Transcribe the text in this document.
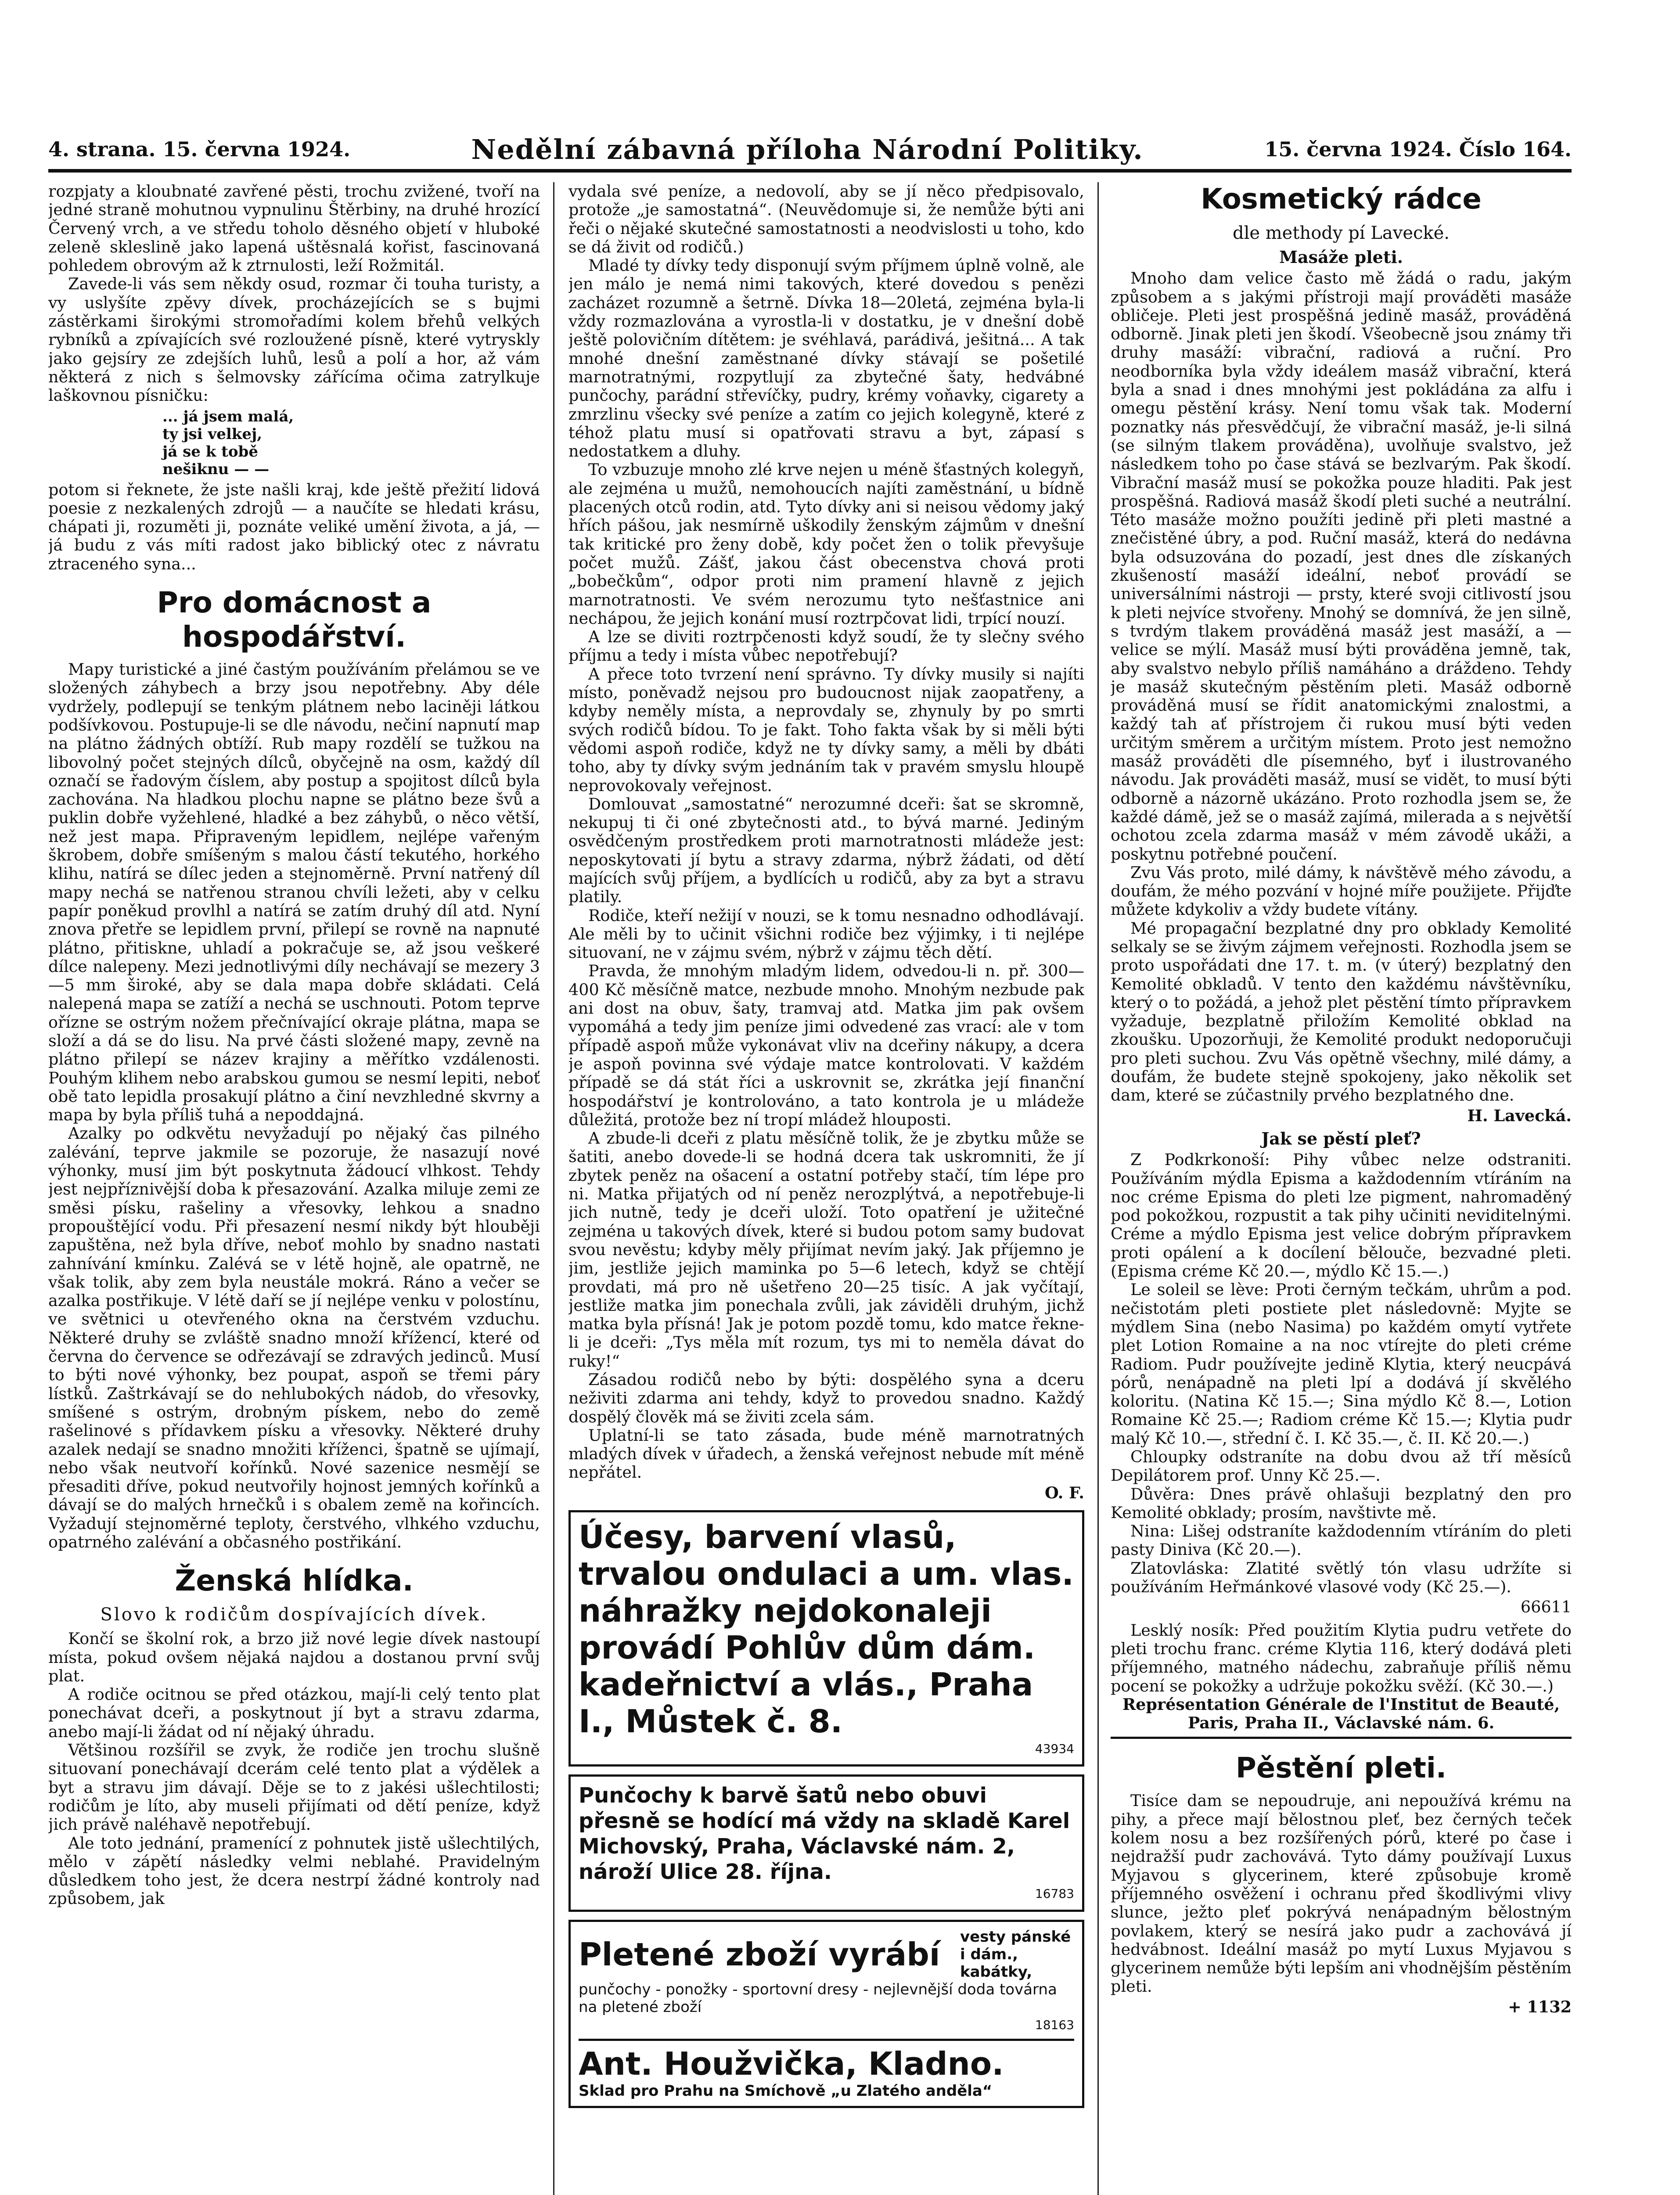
4. strana. 15. června 1924.	Nedělní zábavná příloha Národní Politiky.	15. června 1924. Číslo 164.

rozpjaty a kloubnaté zavřené pěsti, trochu zvižené, tvoří na jedné straně mohutnou vypnulinu Štěrbiny, na druhé hrozící Červený vrch, a ve středu toholo děsného objetí v hluboké zeleně skleslině jako lapená uštěsnalá kořist, fascinovaná pohledem obrovým až k ztrnulosti, leží Rožmitál.

Zavede-li vás sem někdy osud, rozmar či touha turisty, a vy uslyšíte zpěvy dívek, procházejících se s bujmi zástěrkami širokými stromořadími kolem břehů velkých rybníků a zpívajících své rozloužené písně, které vytryskly jako gejsíry ze zdejších luhů, lesů a polí a hor, až vám některá z nich s šelmovsky zářícíma očima zatrylkuje laškovnou písničku:

... já jsem malá,
ty jsi velkej,
já se k tobě
nešiknu — —

potom si řeknete, že jste našli kraj, kde ještě přežití lidová poesie z nezkalených zdrojů — a naučíte se hledati krásu, chápati ji, rozuměti ji, poznáte veliké umění života, a já, — já budu z vás míti radost jako biblický otec z návratu ztraceného syna...

Pro domácnost a hospodářství.

Mapy turistické a jiné častým používáním přelámou se ve složených záhybech a brzy jsou nepotřebny. Aby déle vydržely, podlepují se tenkým plátnem nebo laciněji látkou podšívkovou. Postupuje-li se dle návodu, nečiní napnutí map na plátno žádných obtíží. Rub mapy rozdělí se tužkou na libovolný počet stejných dílců, obyčejně na osm, každý díl označí se řadovým číslem, aby postup a spojitost dílců byla zachována. Na hladkou plochu napne se plátno beze švů a puklin dobře vyžehlené, hladké a bez záhybů, o něco větší, než jest mapa. Připraveným lepidlem, nejlépe vařeným škrobem, dobře smíšeným s malou částí tekutého, horkého klihu, natírá se dílec jeden a stejnoměrně. První natřený díl mapy nechá se natřenou stranou chvíli ležeti, aby v celku papír poněkud provlhl a natírá se zatím druhý díl atd. Nyní znova přetře se lepidlem první, přilepí se rovně na napnuté plátno, přitiskne, uhladí a pokračuje se, až jsou veškeré dílce nalepeny. Mezi jednotlivými díly nechávají se mezery 3—5 mm široké, aby se dala mapa dobře skládati. Celá nalepená mapa se zatíží a nechá se uschnouti. Potom teprve ořízne se ostrým nožem přečnívající okraje plátna, mapa se složí a dá se do lisu. Na prvé části složené mapy, zevně na plátno přilepí se název krajiny a měřítko vzdálenosti. Pouhým klihem nebo arabskou gumou se nesmí lepiti, neboť obě tato lepidla prosakují plátno a činí nevzhledné skvrny a mapa by byla příliš tuhá a nepoddajná.

Azalky po odkvětu nevyžadují po nějaký čas pilného zalévání, teprve jakmile se pozoruje, že nasazují nové výhonky, musí jim být poskytnuta žádoucí vlhkost. Tehdy jest nejpříznivější doba k přesazování. Azalka miluje zemi ze směsi písku, rašeliny a vřesovky, lehkou a snadno propouštějící vodu. Při přesazení nesmí nikdy být hlouběji zapuštěna, než byla dříve, neboť mohlo by snadno nastati zahnívání kmínku. Zalévá se v létě hojně, ale opatrně, ne však tolik, aby zem byla neustále mokrá. Ráno a večer se azalka postřikuje. V létě daří se jí nejlépe venku v polostínu, ve světnici u otevřeného okna na čerstvém vzduchu. Některé druhy se zvláště snadno množí křížencí, které od června do července se odřezávají se zdravých jedinců. Musí to býti nové výhonky, bez poupat, aspoň se třemi páry lístků. Zaštrkávají se do nehlubokých nádob, do vřesovky, smíšené s ostrým, drobným pískem, nebo do země rašelinové s přídavkem písku a vřesovky. Některé druhy azalek nedají se snadno množiti kříženci, špatně se ujímají, nebo však neutvoří kořínků. Nové sazenice nesmějí se přesaditi dříve, pokud neutvořily hojnost jemných kořínků a dávají se do malých hrnečků i s obalem země na kořincích. Vyžadují stejnoměrné teploty, čerstvého, vlhkého vzduchu, opatrného zalévání a občasného postřikání.

Ženská hlídka.
Slovo k rodičům dospívajících dívek.

Končí se školní rok, a brzo již nové legie dívek nastoupí místa, pokud ovšem nějaká najdou a dostanou první svůj plat.

A rodiče ocitnou se před otázkou, mají-li celý tento plat ponechávat dceři, a poskytnout jí byt a stravu zdarma, anebo mají-li žádat od ní nějaký úhradu.

Většinou rozšířil se zvyk, že rodiče jen trochu slušně situovaní ponechávají dcerám celé tento plat a výdělek a byt a stravu jim dávají. Děje se to z jakési ušlechtilosti; rodičům je líto, aby museli přijímati od dětí peníze, když jich právě naléhavě nepotřebují.

Ale toto jednání, pramenící z pohnutek jistě ušlechtilých, mělo v zápětí následky velmi neblahé. Pravidelným důsledkem toho jest, že dcera nestrpí žádné kontroly nad způsobem, jak

vydala své peníze, a nedovolí, aby se jí něco předpisovalo, protože „je samostatná“. (Neuvědomuje si, že nemůže býti ani řeči o nějaké skutečné samostatnosti a neodvislosti u toho, kdo se dá živit od rodičů.)

Mladé ty dívky tedy disponují svým příjmem úplně volně, ale jen málo je nemá nimi takových, které dovedou s penězi zacházet rozumně a šetrně. Dívka 18—20letá, zejména byla-li vždy rozmazlována a vyrostla-li v dostatku, je v dnešní době ještě polovičním dítětem: je svéhlavá, parádivá, ješitná... A tak mnohé dnešní zaměstnané dívky stávají se pošetilé marnotratnými, rozpytlují za zbytečné šaty, hedvábné punčochy, parádní střevíčky, pudry, krémy voňavky, cigarety a zmrzlinu všecky své peníze a zatím co jejich kolegyně, které z téhož platu musí si opatřovati stravu a byt, zápasí s nedostatkem a dluhy.

To vzbuzuje mnoho zlé krve nejen u méně šťastných kolegyň, ale zejména u mužů, nemohoucích najíti zaměstnání, u bídně placených otců rodin, atd. Tyto dívky ani si neisou vědomy jaký hřích pášou, jak nesmírně uškodily ženským zájmům v dnešní tak kritické pro ženy době, kdy počet žen o tolik převyšuje počet mužů. Zášť, jakou část obecenstva chová proti „bobečkům“, odpor proti nim pramení hlavně z jejich marnotratnosti. Ve svém nerozumu tyto nešťastnice ani nechápou, že jejich konání musí roztrpčovat lidi, trpící nouzí.

A lze se diviti roztrpčenosti když soudí, že ty slečny svého příjmu a tedy i místa vůbec nepotřebují?

A přece toto tvrzení není správno. Ty dívky musily si najíti místo, poněvadž nejsou pro budoucnost nijak zaopatřeny, a kdyby neměly místa, a neprovdaly se, zhynuly by po smrti svých rodičů bídou. To je fakt. Toho fakta však by si měli býti vědomi aspoň rodiče, když ne ty dívky samy, a měli by dbáti toho, aby ty dívky svým jednáním tak v pravém smyslu hloupě neprovokovaly veřejnost.

Domlouvat „samostatné“ nerozumné dceři: šat se skromně, nekupuj ti či oné zbytečnosti atd., to bývá marné. Jediným osvědčeným prostředkem proti marnotratnosti mládeže jest: neposkytovati jí bytu a stravy zdarma, nýbrž žádati, od dětí majících svůj příjem, a bydlících u rodičů, aby za byt a stravu platily.

Rodiče, kteří nežijí v nouzi, se k tomu nesnadno odhodlávají. Ale měli by to učinit všichni rodiče bez výjimky, i ti nejlépe situovaní, ne v zájmu svém, nýbrž v zájmu těch dětí.

Pravda, že mnohým mladým lidem, odvedou-li n. př. 300—400 Kč měsíčně matce, nezbude mnoho. Mnohým nezbude pak ani dost na obuv, šaty, tramvaj atd. Matka jim pak ovšem vypomáhá a tedy jim peníze jimi odvedené zas vrací: ale v tom případě aspoň může vykonávat vliv na dceřiny nákupy, a dcera je aspoň povinna své výdaje matce kontrolovati. V každém případě se dá stát říci a uskrovnit se, zkrátka její finanční hospodářství je kontrolováno, a tato kontrola je u mládeže důležitá, protože bez ní tropí mládež hlouposti.

A zbude-li dceři z platu měsíčně tolik, že je zbytku může se šatiti, anebo dovede-li se hodná dcera tak uskromniti, že jí zbytek peněz na ošacení a ostatní potřeby stačí, tím lépe pro ni. Matka přijatých od ní peněz nerozplýtvá, a nepotřebuje-li jich nutně, tedy je dceři uloží. Toto opatření je užitečné zejména u takových dívek, které si budou potom samy budovat svou nevěstu; kdyby měly přijímat nevím jaký. Jak příjemno je jim, jestliže jejich maminka po 5—6 letech, když se chtějí provdati, má pro ně ušetřeno 20—25 tisíc. A jak vyčítají, jestliže matka jim ponechala zvůli, jak záviděli druhým, jichž matka byla přísná! Jak je potom pozdě tomu, kdo matce řekne-li je dceři: „Tys měla mít rozum, tys mi to neměla dávat do ruky!“

Zásadou rodičů nebo by býti: dospělého syna a dceru neživiti zdarma ani tehdy, když to provedou snadno. Každý dospělý člověk má se živiti zcela sám.

Uplatní-li se tato zásada, bude méně marnotratných mladých dívek v úřadech, a ženská veřejnost nebude mít méně nepřátel.

O. F.
Účesy, barvení vlasů, trvalou ondulaci a um. vlas. náhražky nejdokonaleji provádí Pohlův dům dám. kadeřnictví a vlás., Praha I., Můstek č. 8.
43934
Punčochy k barvě šatů nebo obuvi přesně se hodící má vždy na skladě Karel Michovský, Praha, Václavské nám. 2, nároží Ulice 28. října.
16783
Pletené zboží vyrábí vesty pánské i dám., kabátky,
punčochy - ponožky - sportovní dresy - nejlevnější doda továrna na pletené zboží
18163
Ant. Houžvička, Kladno.
Sklad pro Prahu na Smíchově „u Zlatého anděla“
Kosmetický rádce
dle methody pí Lavecké.
Masáže pleti.

Mnoho dam velice často mě žádá o radu, jakým způsobem a s jakými přístroji mají prováděti masáže obličeje. Pleti jest prospěšná jedině masáž, prováděná odborně. Jinak pleti jen škodí. Všeobecně jsou známy tři druhy masáží: vibrační, radiová a ruční. Pro neodborníka byla vždy ideálem masáž vibrační, která byla a snad i dnes mnohými jest pokládána za alfu i omegu pěstění krásy. Není tomu však tak. Moderní poznatky nás přesvědčují, že vibrační masáž, je-li silná (se silným tlakem prováděna), uvolňuje svalstvo, jež následkem toho po čase stává se bezlvarým. Pak škodí. Vibrační masáž musí se pokožka pouze hladiti. Pak jest prospěšná. Radiová masáž škodí pleti suché a neutrální. Této masáže možno použíti jedině při pleti mastné a znečistěné úbry, a pod. Ruční masáž, která do nedávna byla odsuzována do pozadí, jest dnes dle získaných zkušeností masáží ideální, neboť provádí se universálními nástroji — prsty, které svoji citlivostí jsou k pleti nejvíce stvořeny. Mnohý se domnívá, že jen silně, s tvrdým tlakem prováděná masáž jest masáží, a — velice se mýlí. Masáž musí býti prováděna jemně, tak, aby svalstvo nebylo příliš namáháno a dráždeno. Tehdy je masáž skutečným pěstěním pleti. Masáž odborně prováděná musí se řídit anatomickými znalostmi, a každý tah ať přístrojem či rukou musí býti veden určitým směrem a určitým místem. Proto jest nemožno masáž prováděti dle písemného, byť i ilustrovaného návodu. Jak prováděti masáž, musí se vidět, to musí býti odborně a názorně ukázáno. Proto rozhodla jsem se, že každé dámě, jež se o masáž zajímá, milerada a s největší ochotou zcela zdarma masáž v mém závodě ukáži, a poskytnu potřebné poučení.

Zvu Vás proto, milé dámy, k návštěvě mého závodu, a doufám, že mého pozvání v hojné míře použijete. Přijďte můžete kdykoliv a vždy budete vítány.

Mé propagační bezplatné dny pro obklady Kemolité selkaly se se živým zájmem veřejnosti. Rozhodla jsem se proto uspořádati dne 17. t. m. (v úterý) bezplatný den Kemolité obkladů. V tento den každému návštěvníku, který o to požádá, a jehož plet pěstění tímto přípravkem vyžaduje, bezplatně přiložím Kemolité obklad na zkoušku. Upozorňuji, že Kemolité produkt nedoporučuji pro pleti suchou. Zvu Vás opětně všechny, milé dámy, a doufám, že budete stejně spokojeny, jako několik set dam, které se zúčastnily prvého bezplatného dne.

H. Lavecká.
Jak se pěstí pleť?

Z Podkrkonoší: Pihy vůbec nelze odstraniti. Používáním mýdla Episma a každodenním vtíráním na noc créme Episma do pleti lze pigment, nahromaděný pod pokožkou, rozpustit a tak pihy učiniti neviditelnými. Créme a mýdlo Episma jest velice dobrým přípravkem proti opálení a k docílení bělouče, bezvadné pleti. (Episma créme Kč 20.—, mýdlo Kč 15.—.)

Le soleil se lève: Proti černým tečkám, uhrům a pod. nečistotám pleti postiete plet následovně: Myjte se mýdlem Sina (nebo Nasima) po každém omytí vytřete plet Lotion Romaine a na noc vtírejte do pleti créme Radiom. Pudr používejte jedině Klytia, který neucpává pórů, nenápadně na pleti lpí a dodává jí skvělého koloritu. (Natina Kč 15.—; Sina mýdlo Kč 8.—, Lotion Romaine Kč 25.—; Radiom créme Kč 15.—; Klytia pudr malý Kč 10.—, střední č. I. Kč 35.—, č. II. Kč 20.—.)

Chloupky odstraníte na dobu dvou až tří měsíců Depilátorem prof. Unny Kč 25.—.

Důvěra: Dnes právě ohlašuji bezplatný den pro Kemolité obklady; prosím, navštivte mě.

Nina: Lišej odstraníte každodenním vtíráním do pleti pasty Diniva (Kč 20.—).

Zlatovláska: Zlatité světlý tón vlasu udržíte si používáním Heřmánkové vlasové vody (Kč 25.—).

66611

Lesklý nosík: Před použitím Klytia pudru vetřete do pleti trochu franc. créme Klytia 116, který dodává pleti příjemného, matného nádechu, zabraňuje příliš němu pocení se pokožky a udržuje pokožku svěží. (Kč 30.—.)

Représentation Générale de l'Institut de Beauté, Paris, Praha II., Václavské nám. 6.

Pěstění pleti.

Tisíce dam se nepoudruje, ani nepoužívá krému na pihy, a přece mají bělostnou pleť, bez černých teček kolem nosu a bez rozšířených pórů, které po čase i nejdražší pudr zachovává. Tyto dámy používají Luxus Myjavou s glycerinem, které způsobuje kromě příjemného osvěžení i ochranu před škodlivými vlivy slunce, ježto pleť pokrývá nenápadným bělostným povlakem, který se nesírá jako pudr a zachovává jí hedvábnost. Ideální masáž po mytí Luxus Myjavou s glycerinem nemůže býti lepším ani vhodnějším pěstěním pleti.

+ 1132
